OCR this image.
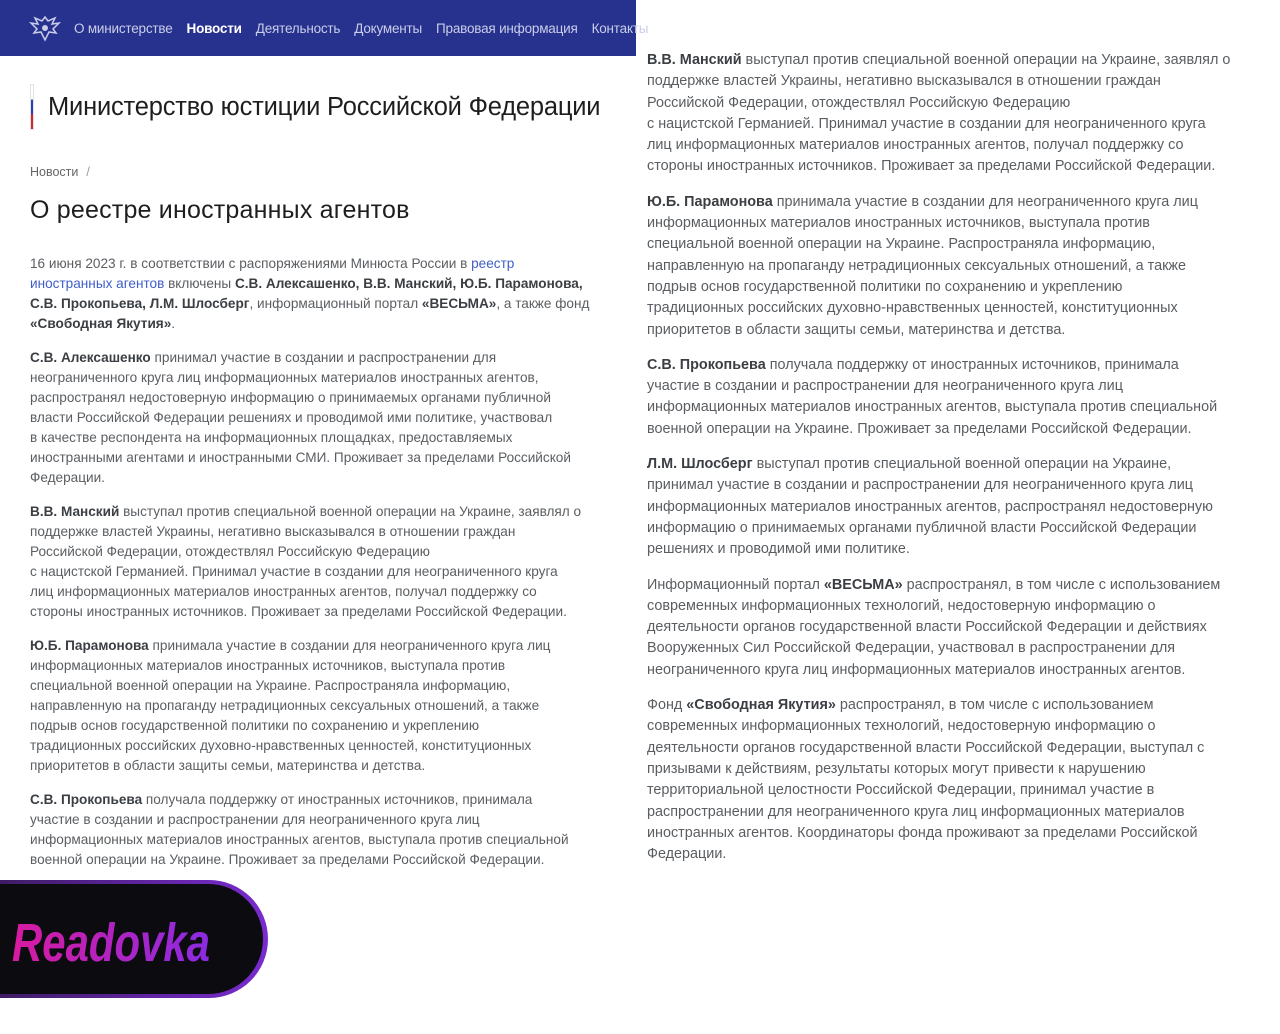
О министерстве Новости Деятельность Документы Правовая информация Контакты
Министерство юстиции Российской Федерации
Новости /
О реестре иностранных агентов

16 июня 2023 г. в соответствии с распоряжениями Минюста России в реестр
иностранных агентов включены С.В. Алексашенко, В.В. Манский, Ю.Б. Парамонова,
С.В. Прокопьева, Л.М. Шлосберг, информационный портал «ВЕСЬМА», а также фонд
«Свободная Якутия».

С.В. Алексашенко принимал участие в создании и распространении для
неограниченного круга лиц информационных материалов иностранных агентов,
распространял недостоверную информацию о принимаемых органами публичной
власти Российской Федерации решениях и проводимой ими политике, участвовал
в качестве респондента на информационных площадках, предоставляемых
иностранными агентами и иностранными СМИ. Проживает за пределами Российской
Федерации.

В.В. Манский выступал против специальной военной операции на Украине, заявлял о
поддержке властей Украины, негативно высказывался в отношении граждан
Российской Федерации, отождествлял Российскую Федерацию
с нацистской Германией. Принимал участие в создании для неограниченного круга
лиц информационных материалов иностранных агентов, получал поддержку со
стороны иностранных источников. Проживает за пределами Российской Федерации.

Ю.Б. Парамонова принимала участие в создании для неограниченного круга лиц
информационных материалов иностранных источников, выступала против
специальной военной операции на Украине. Распространяла информацию,
направленную на пропаганду нетрадиционных сексуальных отношений, а также
подрыв основ государственной политики по сохранению и укреплению
традиционных российских духовно-нравственных ценностей, конституционных
приоритетов в области защиты семьи, материнства и детства.

С.В. Прокопьева получала поддержку от иностранных источников, принимала
участие в создании и распространении для неограниченного круга лиц
информационных материалов иностранных агентов, выступала против специальной
военной операции на Украине. Проживает за пределами Российской Федерации.

В.В. Манский выступал против специальной военной операции на Украине, заявлял о
поддержке властей Украины, негативно высказывался в отношении граждан
Российской Федерации, отождествлял Российскую Федерацию
с нацистской Германией. Принимал участие в создании для неограниченного круга
лиц информационных материалов иностранных агентов, получал поддержку со
стороны иностранных источников. Проживает за пределами Российской Федерации.

Ю.Б. Парамонова принимала участие в создании для неограниченного круга лиц
информационных материалов иностранных источников, выступала против
специальной военной операции на Украине. Распространяла информацию,
направленную на пропаганду нетрадиционных сексуальных отношений, а также
подрыв основ государственной политики по сохранению и укреплению
традиционных российских духовно-нравственных ценностей, конституционных
приоритетов в области защиты семьи, материнства и детства.

С.В. Прокопьева получала поддержку от иностранных источников, принимала
участие в создании и распространении для неограниченного круга лиц
информационных материалов иностранных агентов, выступала против специальной
военной операции на Украине. Проживает за пределами Российской Федерации.

Л.М. Шлосберг выступал против специальной военной операции на Украине,
принимал участие в создании и распространении для неограниченного круга лиц
информационных материалов иностранных агентов, распространял недостоверную
информацию о принимаемых органами публичной власти Российской Федерации
решениях и проводимой ими политике.

Информационный портал «ВЕСЬМА» распространял, в том числе с использованием
современных информационных технологий, недостоверную информацию о
деятельности органов государственной власти Российской Федерации и действиях
Вооруженных Сил Российской Федерации, участвовал в распространении для
неограниченного круга лиц информационных материалов иностранных агентов.

Фонд «Свободная Якутия» распространял, в том числе с использованием
современных информационных технологий, недостоверную информацию о
деятельности органов государственной власти Российской Федерации, выступал с
призывами к действиям, результаты которых могут привести к нарушению
территориальной целостности Российской Федерации, принимал участие в
распространении для неограниченного круга лиц информационных материалов
иностранных агентов. Координаторы фонда проживают за пределами Российской
Федерации.

Readovka
